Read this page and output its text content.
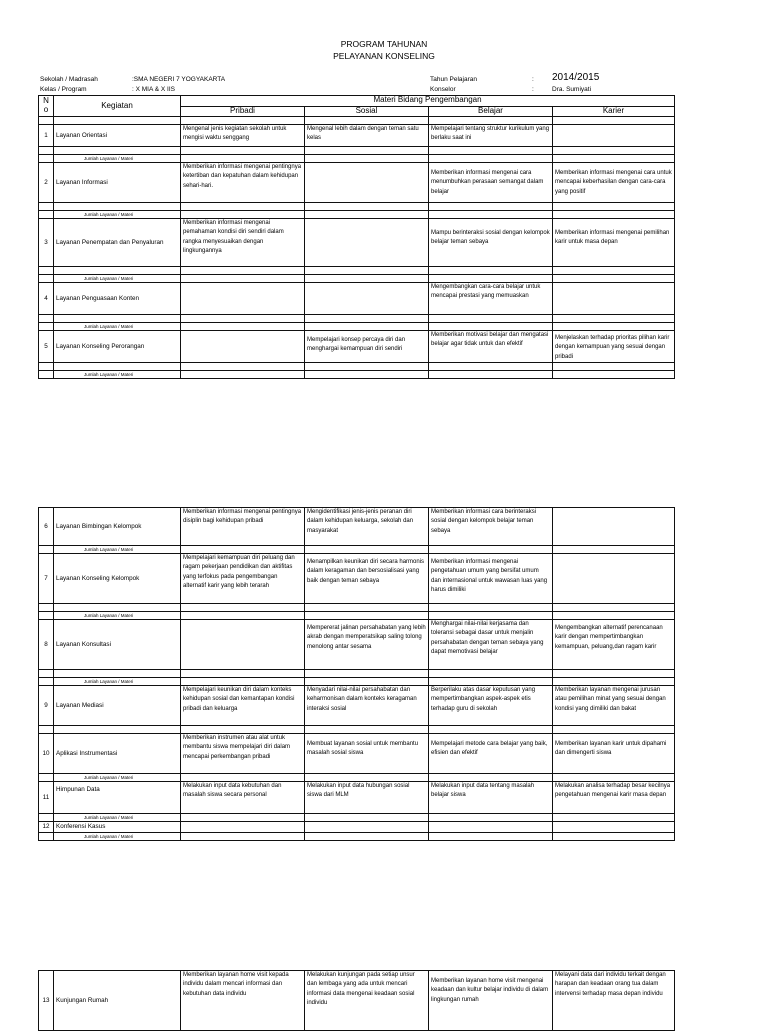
PROGRAM TAHUNAN
PELAYANAN KONSELING
Sekolah / Madrasah	:SMA NEGERI 7 YOGYAKARTA
Kelas / Program	: X MIA & X IIS
Tahun Pelajaran	: 2014/2015
Konselor	:	Dra. Sumiyati
No	Kegiatan	Materi Bidang Pengembangan			
		Pribadi	Sosial	Belajar	Karier

1	Layanan Orientasi	Mengenal jenis kegiatan sekolah untuk mengisi waktu senggang	Mengenal lebih dalam dengan teman satu kelas	Mempelajari tentang struktur kurikulum yang berlaku saat ini	

	Jumlah Layanan / Materi				
2	Layanan Informasi	Memberikan informasi mengenai pentingnya ketertiban dan kepatuhan dalam kehidupan sehari-hari.		Memberikan informasi mengenai cara menumbuhkan perasaan semangat dalam belajar	Memberikan informasi mengenai cara untuk mencapai keberhasilan dengan cara-cara yang positif

	Jumlah Layanan / Materi				
3	Layanan Penempatan dan Penyaluran	Memberikan informasi mengenai pemahaman kondisi diri sendiri dalam rangka menyesuaikan dengan lingkungannya		Mampu berinteraksi sosial dengan kelompok belajar teman sebaya	Memberikan informasi mengenai pemilihan karir untuk masa depan

	Jumlah Layanan / Materi				
4	Layanan Penguasaan Konten			Mengembangkan cara-cara belajar untuk mencapai prestasi yang memuaskan	

	Jumlah Layanan / Materi				
5	Layanan Konseling Perorangan		Mempelajari konsep percaya diri dan menghargai kemampuan diri sendiri	Memberikan motivasi belajar dan mengatasi belajar agar tidak untuk dan efektif	Menjelaskan terhadap prioritas pilihan karir dengan kemampuan yang sesuai dengan pribadi

	Jumlah Layanan / Materi				
6	Layanan Bimbingan Kelompok	Memberikan informasi mengenai pentingnya disiplin bagi kehidupan pribadi	Mengidentifikasi jenis-jenis peranan diri dalam kehidupan keluarga, sekolah dan masyarakat	Memberikan informasi cara berinteraksi sosial dengan kelompok belajar teman sebaya	
	Jumlah Layanan / Materi				
7	Layanan Konseling Kelompok	Mempelajari kemampuan diri peluang dan ragam pekerjaan pendidikan dan aktifitas yang terfokus pada pengembangan alternatif karir yang lebih terarah	Menampilkan keunikan diri secara harmonis dalam keragaman dan bersosialisasi yang baik dengan teman sebaya	Memberikan informasi mengenai pengetahuan umum yang bersifat umum dan internasional untuk wawasan luas yang harus dimiliki	

	Jumlah Layanan / Materi				
8	Layanan Konsultasi		Mempererat jalinan persahabatan yang lebih akrab dengan memperatsikap saling tolong menolong antar sesama	Menghargai nilai-nilai kerjasama dan toleransi sebagai dasar untuk menjalin persahabatan dengan teman sebaya yang dapat memotivasi belajar	Mengembangkan alternatif perencanaan karir dengan mempertimbangkan kemampuan, peluang,dan ragam karir

	Jumlah Layanan / Materi				
9	Layanan Mediasi	Mempelajari keunikan diri dalam konteks kehidupan sosial dan kemantapan kondisi pribadi dan keluarga	Menyadari nilai-nilai persahabatan dan keharmonisan dalam konteks keragaman interaksi sosial	Berperilaku atas dasar keputusan yang mempertimbangkan aspek-aspek etis terhadap guru di sekolah	Memberikan layanan mengenai jurusan atau pemilihan minat yang sesuai dengan kondisi yang dimiliki dan bakat

10	Aplikasi Instrumentasi	Memberikan instrumen atau alat untuk membantu siswa mempelajari diri dalam mencapai perkembangan pribadi	Membuat layanan sosial untuk membantu masalah sosial siswa	Mempelajari metode cara belajar yang baik, efisien dan efektif	Memberikan layanan karir untuk dipahami dan dimengerti siswa
	Jumlah Layanan / Materi				
11	Himpunan Data	Melakukan input data kebutuhan dan masalah siswa secara personal	Melakukan input data hubungan sosial siswa dari MLM	Melakukan input data tentang masalah belajar siswa	Melakukan analisa terhadap besar kecilnya pengetahuan mengenai karir masa depan
	Jumlah Layanan / Materi				
12	Konferensi Kasus				
	Jumlah Layanan / Materi				
13	Kunjungan Rumah	Memberikan layanan home visit kepada individu dalam mencari informasi dan kebutuhan data individu	Melakukan kunjungan pada setiap unsur dan lembaga yang ada untuk mencari informasi data mengenai keadaan sosial individu	Memberikan layanan home visit mengenai keadaan dan kultur belajar individu di dalam lingkungan rumah	Melayani data dari individu terkait dengan harapan dan keadaan orang tua dalam intervensi terhadap masa depan individu
